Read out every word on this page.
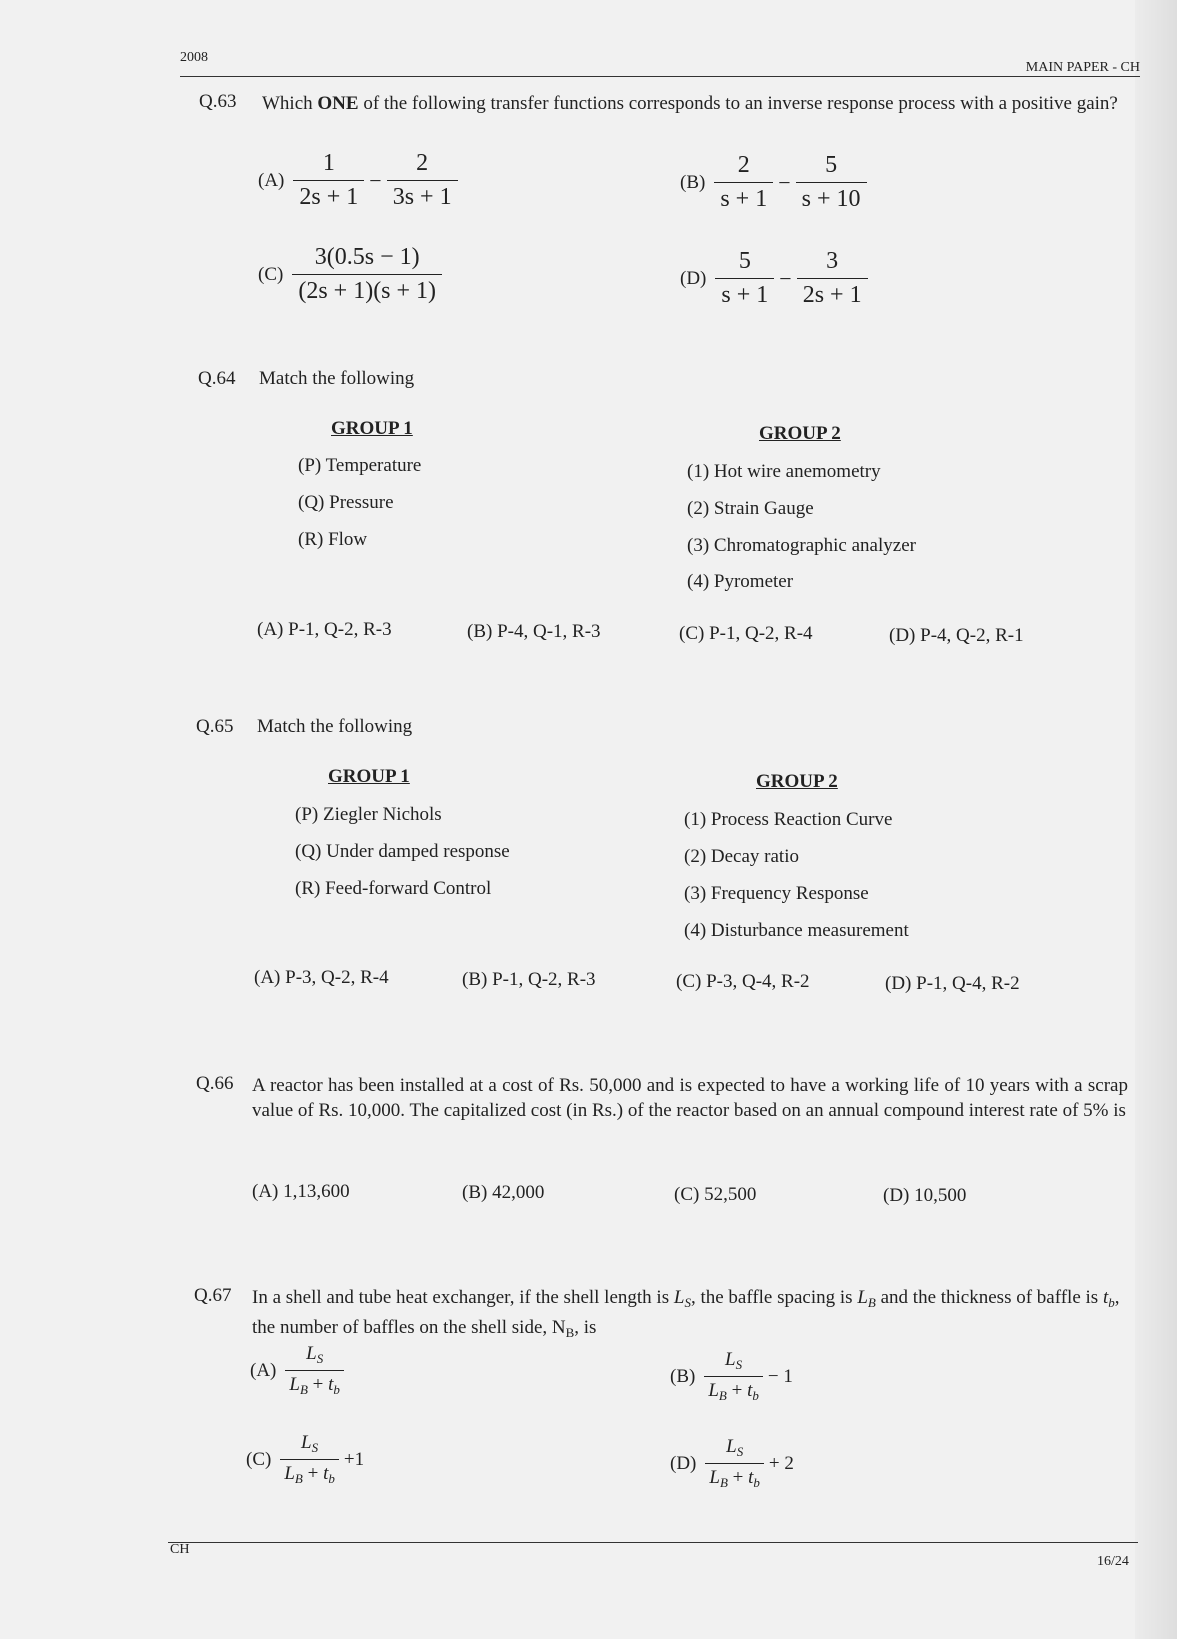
2008
MAIN PAPER - CH
Q.63 Which ONE of the following transfer functions corresponds to an inverse response process with a positive gain?
$(A) \frac{1}{2s + 1} - \frac{2}{3s + 1}$	$(B) \frac{2}{s + 1} - \frac{5}{s + 10}$
$(C) \frac{3(0.5s - 1)}{(2s + 1)(s + 1)}$	$(D) \frac{5}{s + 1} - \frac{3}{2s + 1}$
Q.64 Match the following
GROUP 1	GROUP 2
(P) Temperature
(Q) Pressure
(R) Flow
(1) Hot wire anemometry
(2) Strain Gauge
(3) Chromatographic analyzer
(4) Pyrometer
(A) P-1, Q-2, R-3	(B) P-4, Q-1, R-3	(C) P-1, Q-2, R-4	(D) P-4, Q-2, R-1
Q.65 Match the following
GROUP 1	GROUP 2
(P) Ziegler Nichols
(Q) Under damped response
(R) Feed-forward Control
(1) Process Reaction Curve
(2) Decay ratio
(3) Frequency Response
(4) Disturbance measurement
(A) P-3, Q-2, R-4	(B) P-1, Q-2, R-3	(C) P-3, Q-4, R-2	(D) P-1, Q-4, R-2
Q.66 A reactor has been installed at a cost of Rs. 50,000 and is expected to have a working life of 10 years with a scrap value of Rs. 10,000. The capitalized cost (in Rs.) of the reactor based on an annual compound interest rate of 5% is
(A) 1,13,600	(B) 42,000	(C) 52,500	(D) 10,500
Q.67 In a shell and tube heat exchanger, if the shell length is $L_S$, the baffle spacing is $L_B$ and the thickness of baffle is $t_b$, the number of baffles on the shell side, $N_B$, is
$(A) \frac{L_S}{L_B + t_b}$	$(B) \frac{L_S}{L_B + t_b} - 1$
$(C) \frac{L_S}{L_B + t_b} +1$	$(D) \frac{L_S}{L_B + t_b} + 2$
CH
16/24
